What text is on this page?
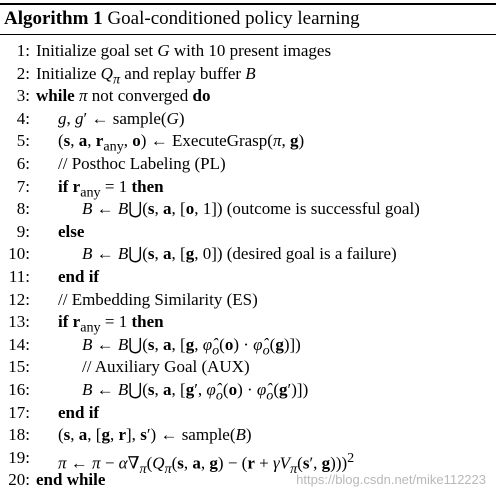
Algorithm 1 Goal-conditioned policy learning
1: Initialize goal set G with 10 present images
2: Initialize $Q_\pi$ and replay buffer B
3: while π not converged do
4: g, g′ ← sample(G)
5: (s, a, $r_{any}$, o) ← ExecuteGrasp(π, g)
6: // Posthoc Labeling (PL)
7: if $r_{any} = 1$ then
8:	B ← B⋃(s, a, [o, 1]) (outcome is successful goal)
9: else
10:	B ← B⋃(s, a, [g, 0]) (desired goal is a failure)
11: end if
12: // Embedding Similarity (ES)
13: if $r_{any} = 1$ then
14:	B ← B⋃(s, a, [g, $\varphî_o(o)$ · $\varphî_o(g)$])
15:	// Auxiliary Goal (AUX)
16:	B ← B⋃(s, a, [g′, $\varphî_o(o)$ · $\varphî_o(g')$])
17: end if
18: (s, a, [g, r], s′) ← sample(B)
19: π ← $\pi - \alpha\nabla_\pi(Q_\pi(s$, a, $g) - (r + \gamma V_\pi(s'$, g)))$^2$
20: end while	https://blog.csdn.net/mike112223
